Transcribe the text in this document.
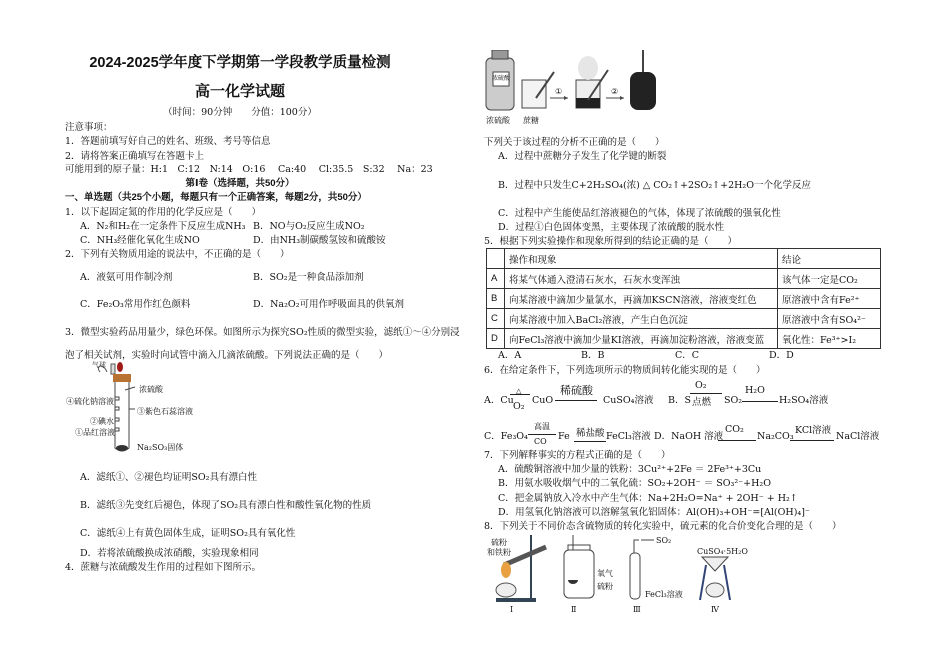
2024-2025学年度下学期第一学段教学质量检测
高一化学试题
（时间：90分钟　　分值：100分）
注意事项：
1．答题前填写好自己的姓名、班级、考号等信息
2．请将答案正确填写在答题卡上
可能用到的原子量：H:1　C:12　N:14　O:16　 Ca:40　 Cl:35.5　S:32　 Na：23
第Ⅰ卷（选择题，共50分）
一、单选题（共25个小题，每题只有一个正确答案，每题2分，共50分）
1．以下起固定氮的作用的化学反应是（　　）
A．N₂和H₂在一定条件下反应生成NH₃ B．NO与O₂反应生成NO₂
C．NH₃经催化氧化生成NO	D．由NH₃制碳酸氢铵和硫酸铵
2．下列有关物质用途的说法中，不正确的是（　　）
A．液氨可用作制冷剂	B．SO₂是一种食品添加剂
C．Fe₂O₃常用作红色颜料	D．Na₂O₂可用作呼吸面具的供氧剂
3．微型实验药品用量少，绿色环保。如图所示为探究SO₂性质的微型实验，滤纸①～④分别浸
泡了相关试剂，实验时向试管中滴入几滴浓硫酸。下列说法正确的是（　　）
气球
浓硫酸
④硫化钠溶液
③紫色石蕊溶液
②碘水
①品红溶液
Na₂SO₃固体
A．滤纸①、②褪色均证明SO₂具有漂白性
B．滤纸③先变红后褪色，体现了SO₂具有漂白性和酸性氧化物的性质
C．滤纸④上有黄色固体生成，证明SO₂具有氧化性
D．若将浓硫酸换成浓硝酸，实验现象相同
4．蔗糖与浓硫酸发生作用的过程如下图所示。
浓硫酸
①	②
浓硫酸 蔗糖
下列关于该过程的分析不正确的是（　　）
A．过程中蔗糖分子发生了化学键的断裂
B．过程中只发生C+2H₂SO₄(浓) △ CO₂↑+2SO₂↑+2H₂O一个化学反应
C．过程中产生能使品红溶液褪色的气体，体现了浓硫酸的强氧化性
D．过程①白色固体变黑，主要体现了浓硫酸的脱水性
5．根据下列实验操作和现象所得到的结论正确的是（　　）
	操作和现象	结论
A	将某气体通入澄清石灰水，石灰水变浑浊	该气体一定是CO₂
B	向某溶液中滴加少量氯水，再滴加KSCN溶液，溶液变红色	原溶液中含有Fe²⁺
C	向某溶液中加入BaCl₂溶液，产生白色沉淀	原溶液中含有SO₄²⁻
D	向FeCl₃溶液中滴加少量KI溶液，再滴加淀粉溶液，溶液变蓝	氧化性：Fe³⁺>I₂
A．A	B．B	C．C	D．D
6．在给定条件下，下列选项所示的物质间转化能实现的是（　　）
A．Cu
△
O₂
CuO
稀硫酸
CuSO₄溶液 B．S
O₂
点燃 SO₂
H₂O
H₂SO₄溶液
C．Fe₃O₄
高温
CO Fe 稀盐酸 FeCl₃溶液 D．NaOH 溶液
CO₂
Na₂CO₃
KCl溶液
NaCl溶液
7．下列解释事实的方程式正确的是（　　）
A．硫酸铜溶液中加少量的铁粉：3Cu²⁺+2Fe ＝ 2Fe³⁺+3Cu
B．用氨水吸收烟气中的二氧化硫：SO₂+2OH⁻ ＝ SO₃²⁻+H₂O
C．把金属钠放入冷水中产生气体：Na+2H₂O=Na⁺ + 2OH⁻ + H₂↑
D．用氢氧化钠溶液可以溶解氢氧化铝固体：Al(OH)₃+OH⁻=[Al(OH)₄]⁻
8．下列关于不同价态含硫物质的转化实验中，硫元素的化合价变化合理的是（　　）
硫粉
和铁粉
氧气
硫粉
SO₂
FeCl₃溶液
CuSO₄·5H₂O
Ⅰ	Ⅱ	Ⅲ	Ⅳ
